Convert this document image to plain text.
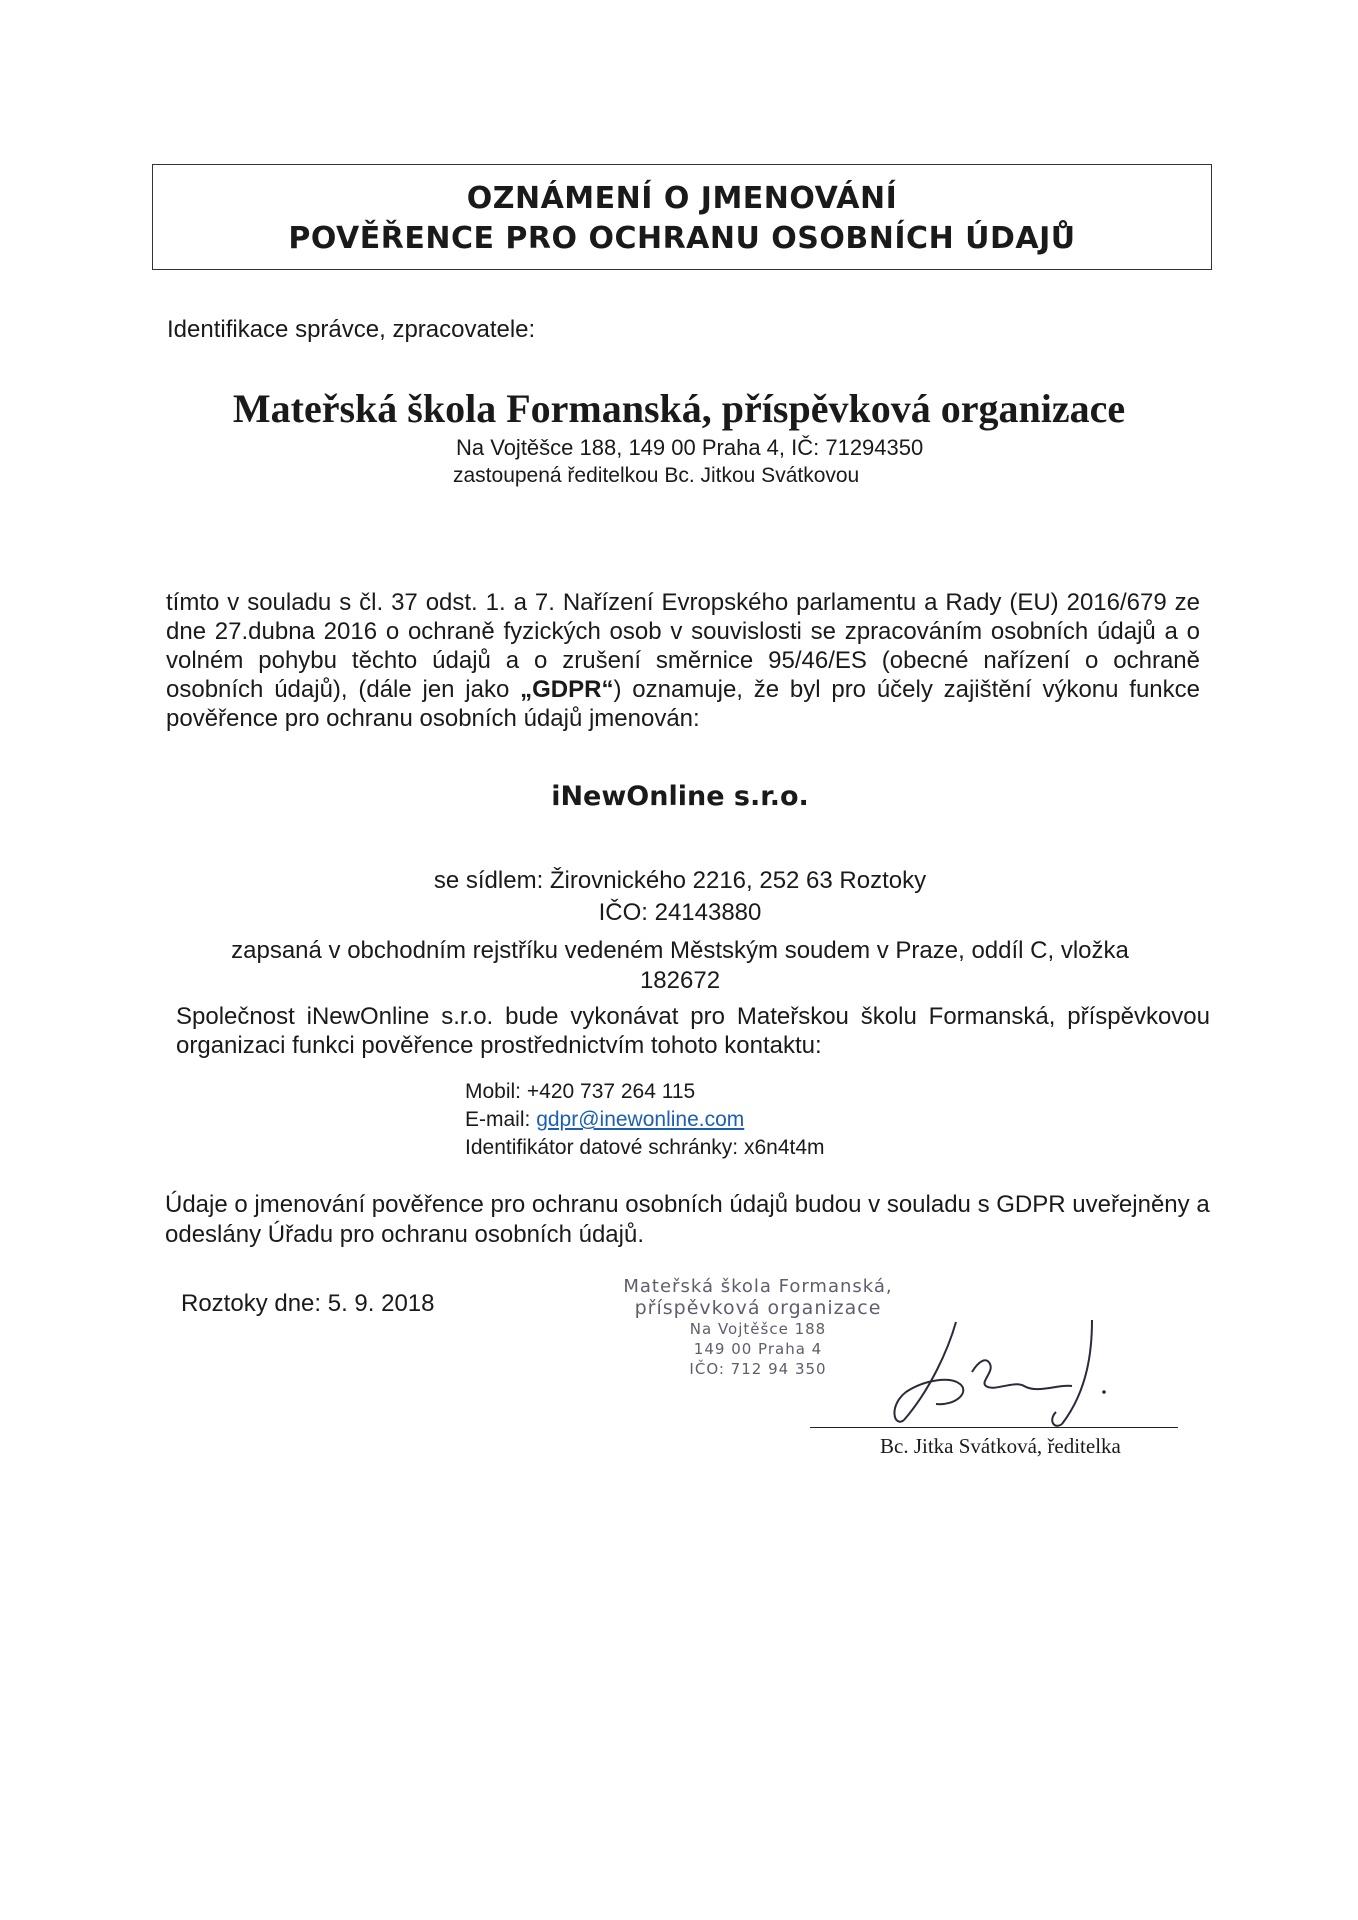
OZNÁMENÍ O JMENOVÁNÍ
POVĚŘENCE PRO OCHRANU OSOBNÍCH ÚDAJŮ
Identifikace správce, zpracovatele:
Mateřská škola Formanská, příspěvková organizace
Na Vojtěšce 188, 149 00 Praha 4, IČ: 71294350
zastoupená ředitelkou Bc. Jitkou Svátkovou
tímto v souladu s čl. 37 odst. 1. a 7. Nařízení Evropského parlamentu a Rady (EU) 2016/679 ze dne 27.dubna 2016 o ochraně fyzických osob v souvislosti se zpracováním osobních údajů a o volném pohybu těchto údajů a o zrušení směrnice 95/46/ES (obecné nařízení o ochraně osobních údajů), (dále jen jako „GDPR“) oznamuje, že byl pro účely zajištění výkonu funkce pověřence pro ochranu osobních údajů jmenován:
iNewOnline s.r.o.
se sídlem: Žirovnického 2216, 252 63 Roztoky
IČO: 24143880
zapsaná v obchodním rejstříku vedeném Městským soudem v Praze, oddíl C, vložka
182672
Společnost iNewOnline s.r.o. bude vykonávat pro Mateřskou školu Formanská, příspěvkovou organizaci funkci pověřence prostřednictvím tohoto kontaktu:
Mobil: +420 737 264 115
E-mail: gdpr@inewonline.com
Identifikátor datové schránky: x6n4t4m
Údaje o jmenování pověřence pro ochranu osobních údajů budou v souladu s GDPR uveřejněny a odeslány Úřadu pro ochranu osobních údajů.
Roztoky dne: 5. 9. 2018
Mateřská škola Formanská,
příspěvková organizace
Na Vojtěšce 188
149 00 Praha 4
IČO: 712 94 350
Bc. Jitka Svátková, ředitelka
